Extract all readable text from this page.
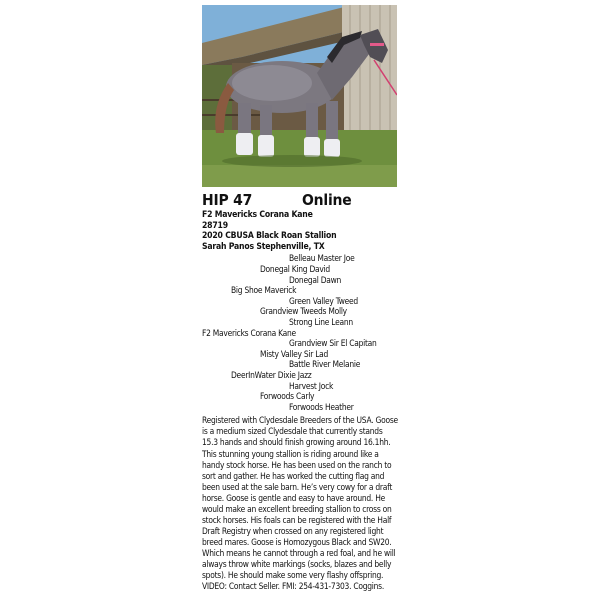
HIP 47	Online
F2 Mavericks Corana Kane
28719
2020 CBUSA Black Roan Stallion
Sarah Panos Stephenville, TX
Belleau Master Joe
Donegal King David
Donegal Dawn
Big Shoe Maverick
Green Valley Tweed
Grandview Tweeds Molly
Strong Line Leann
F2 Mavericks Corana Kane
Grandview Sir El Capitan
Misty Valley Sir Lad
Battle River Melanie
DeerInWater Dixie Jazz
Harvest Jock
Forwoods Carly
Forwoods Heather
Registered with Clydesdale Breeders of the USA. Goose is a medium sized Clydesdale that currently stands 15.3 hands and should finish growing around 16.1hh. This stunning young stallion is riding around like a handy stock horse. He has been used on the ranch to sort and gather. He has worked the cutting flag and been used at the sale barn. He’s very cowy for a draft horse. Goose is gentle and easy to have around. He would make an excellent breeding stallion to cross on stock horses. His foals can be registered with the Half Draft Registry when crossed on any registered light breed mares. Goose is Homozygous Black and SW20. Which means he cannot through a red foal, and he will always throw white markings (socks, blazes and belly spots). He should make some very flashy offspring. VIDEO: Contact Seller. FMI: 254-431-7303. Coggins.
